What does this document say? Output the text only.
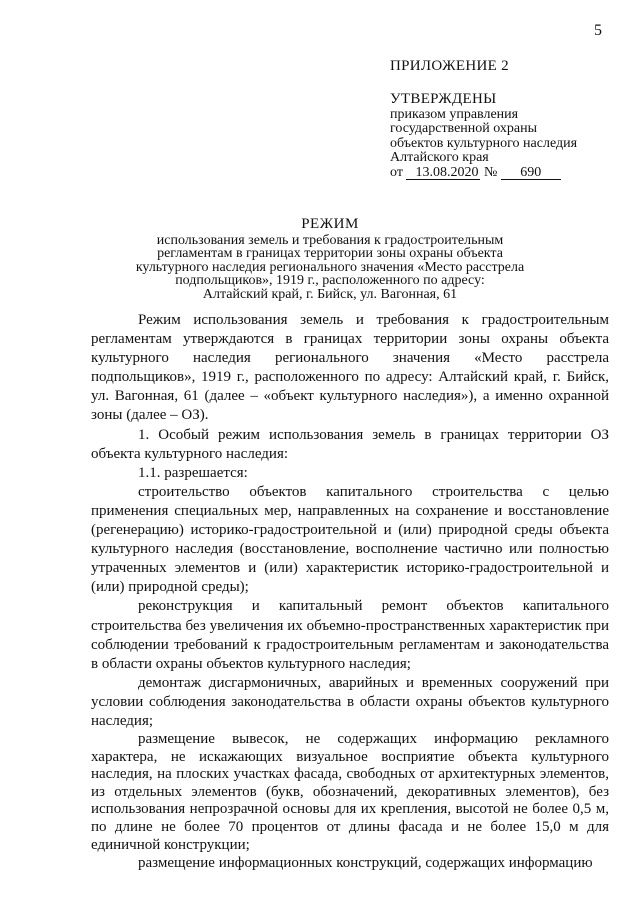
5
ПРИЛОЖЕНИЕ 2
УТВЕРЖДЕНЫ
приказом управления
государственной охраны
объектов культурного наследия
Алтайского края
от 13.08.2020 № 690
РЕЖИМ
использования земель и требования к градостроительным
регламентам в границах территории зоны охраны объекта
культурного наследия регионального значения «Место расстрела
подпольщиков», 1919 г., расположенного по адресу:
Алтайский край, г. Бийск, ул. Вагонная, 61

Режим использования земель и требования к градостроительным регламентам утверждаются в границах территории зоны охраны объекта культурного наследия регионального значения «Место расстрела подпольщиков», 1919 г., расположенного по адресу: Алтайский край, г. Бийск, ул. Вагонная, 61 (далее – «объект культурного наследия»), а именно охранной зоны (далее – ОЗ).

1. Особый режим использования земель в границах территории ОЗ объекта культурного наследия:

1.1. разрешается:

строительство объектов капитального строительства с целью применения специальных мер, направленных на сохранение и восстановление (регенерацию) историко-градостроительной и (или) природной среды объекта культурного наследия (восстановление, восполнение частично или полностью утраченных элементов и (или) характеристик историко-градостроительной и (или) природной среды);

реконструкция и капитальный ремонт объектов капитального строительства без увеличения их объемно-пространственных характеристик при соблюдении требований к градостроительным регламентам и законодательства в области охраны объектов культурного наследия;

демонтаж дисгармоничных, аварийных и временных сооружений при условии соблюдения законодательства в области охраны объектов культурного наследия;

размещение вывесок, не содержащих информацию рекламного характера, не искажающих визуальное восприятие объекта культурного наследия, на плоских участках фасада, свободных от архитектурных элементов, из отдельных элементов (букв, обозначений, декоративных элементов), без использования непрозрачной основы для их крепления, высотой не более 0,5 м, по длине не более 70 процентов от длины фасада и не более 15,0 м для единичной конструкции;

размещение информационных конструкций, содержащих информацию
